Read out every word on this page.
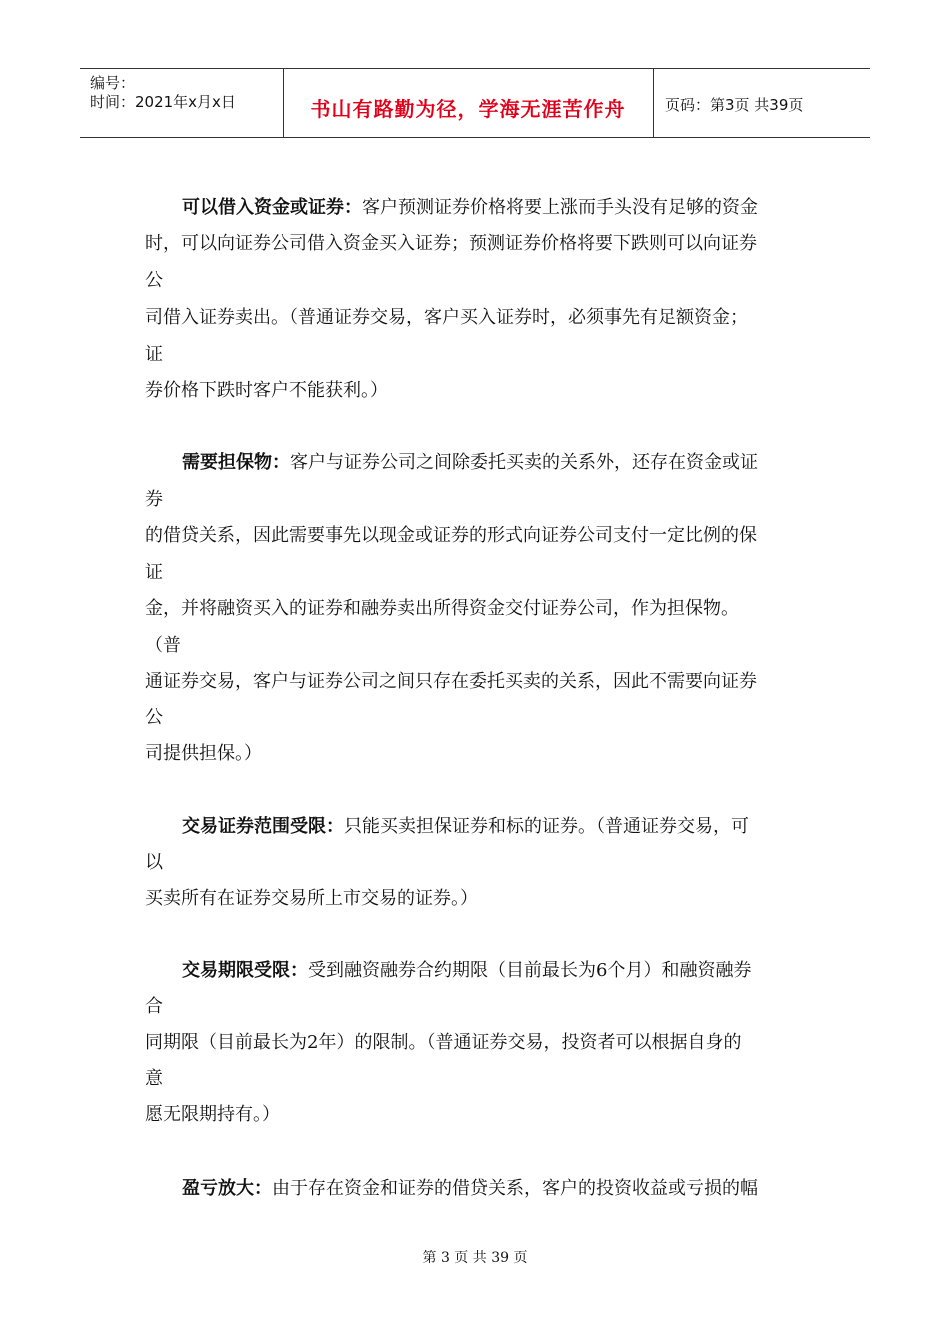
编号：
时间：2021年x月x日	书山有路勤为径，学海无涯苦作舟	页码：第3页 共39页
可以借入资金或证券：客户预测证券价格将要上涨而手头没有足够的资金
时，可以向证券公司借入资金买入证券；预测证券价格将要下跌则可以向证券
公
司借入证券卖出。（普通证券交易，客户买入证券时，必须事先有足额资金；
证
券价格下跌时客户不能获利。）
需要担保物：客户与证券公司之间除委托买卖的关系外，还存在资金或证
券
的借贷关系，因此需要事先以现金或证券的形式向证券公司支付一定比例的保
证
金，并将融资买入的证券和融券卖出所得资金交付证券公司，作为担保物。
（普
通证券交易，客户与证券公司之间只存在委托买卖的关系，因此不需要向证券
公
司提供担保。）
交易证券范围受限：只能买卖担保证券和标的证券。（普通证券交易，可
以
买卖所有在证券交易所上市交易的证券。）
交易期限受限：受到融资融券合约期限（目前最长为6个月）和融资融券
合
同期限（目前最长为2年）的限制。（普通证券交易，投资者可以根据自身的
意
愿无限期持有。）
盈亏放大：由于存在资金和证券的借贷关系，客户的投资收益或亏损的幅
第 3 页 共 39 页
